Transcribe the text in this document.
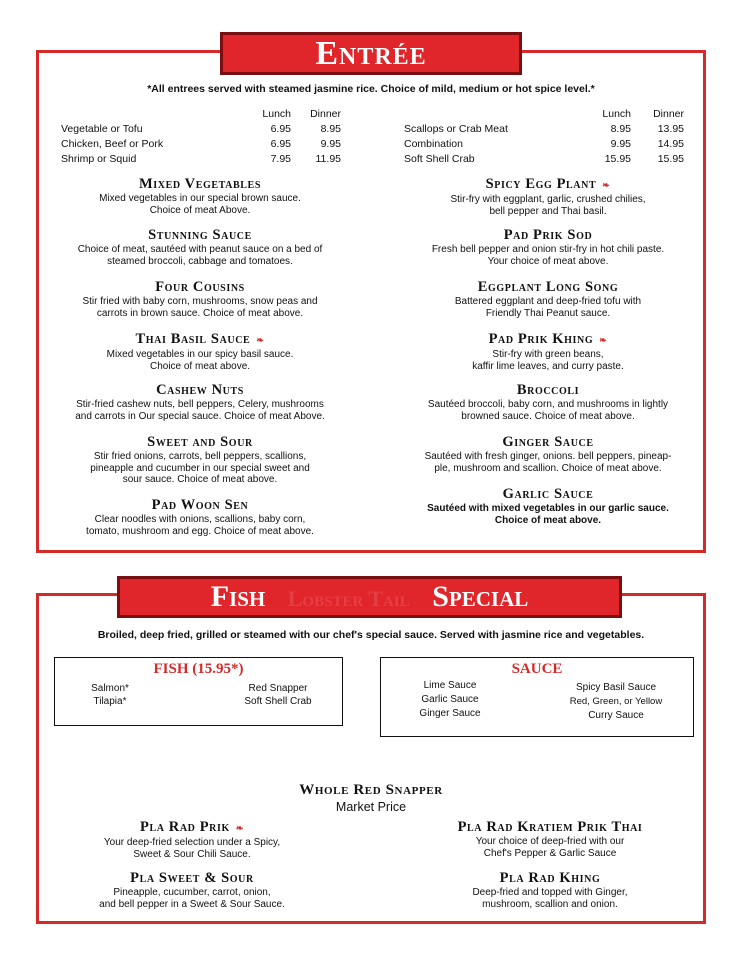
Entrée
*All entrees served with steamed jasmine rice. Choice of mild, medium or hot spice level.*
	Lunch	Dinner
Vegetable or Tofu	6.95	8.95
Chicken, Beef or Pork	6.95	9.95
Shrimp or Squid	7.95	11.95
	Lunch	Dinner
Scallops or Crab Meat	8.95	13.95
Combination	9.95	14.95
Soft Shell Crab	15.95	15.95
Mixed Vegetables
Mixed vegetables in our special brown sauce.
Choice of meat Above.
Stunning Sauce
Choice of meat, sautéed with peanut sauce on a bed of
steamed broccoli, cabbage and tomatoes.
Four Cousins
Stir fried with baby corn, mushrooms, snow peas and
carrots in brown sauce. Choice of meat above.
Thai Basil Sauce ❧
Mixed vegetables in our spicy basil sauce.
Choice of meat above.
Cashew Nuts
Stir-fried cashew nuts, bell peppers, Celery, mushrooms
and carrots in Our special sauce. Choice of meat Above.
Sweet and Sour
Stir fried onions, carrots, bell peppers, scallions,
pineapple and cucumber in our special sweet and
sour sauce. Choice of meat above.
Pad Woon Sen
Clear noodles with onions, scallions, baby corn,
tomato, mushroom and egg. Choice of meat above.
Spicy Egg Plant ❧
Stir-fry with eggplant, garlic, crushed chilies,
bell pepper and Thai basil.
Pad Prik Sod
Fresh bell pepper and onion stir-fry in hot chili paste.
Your choice of meat above.
Eggplant Long Song
Battered eggplant and deep-fried tofu with
Friendly Thai Peanut sauce.
Pad Prik Khing ❧
Stir-fry with green beans,
kaffir lime leaves, and curry paste.
Broccoli
Sautéed broccoli, baby corn, and mushrooms in lightly
browned sauce. Choice of meat above.
Ginger Sauce
Sautéed with fresh ginger, onions. bell peppers, pineap-
ple, mushroom and scallion. Choice of meat above.
Garlic Sauce
Sautéed with mixed vegetables in our garlic sauce.
Choice of meat above.
Fish Lobster Tail Special
Broiled, deep fried, grilled or steamed with our chef's special sauce. Served with jasmine rice and vegetables.
FISH (15.95*)
Salmon*
Tilapia*
Red Snapper
Soft Shell Crab
SAUCE
Lime Sauce
Garlic Sauce
Ginger Sauce
Spicy Basil Sauce
Red, Green, or Yellow
Curry Sauce
Whole Red Snapper
Market Price
Pla Rad Prik ❧
Your deep-fried selection under a Spicy,
Sweet & Sour Chili Sauce.
Pla Sweet & Sour
Pineapple, cucumber, carrot, onion,
and bell pepper in a Sweet & Sour Sauce.
Pla Rad Kratiem Prik Thai
Your choice of deep-fried with our
Chef's Pepper & Garlic Sauce
Pla Rad Khing
Deep-fried and topped with Ginger,
mushroom, scallion and onion.
